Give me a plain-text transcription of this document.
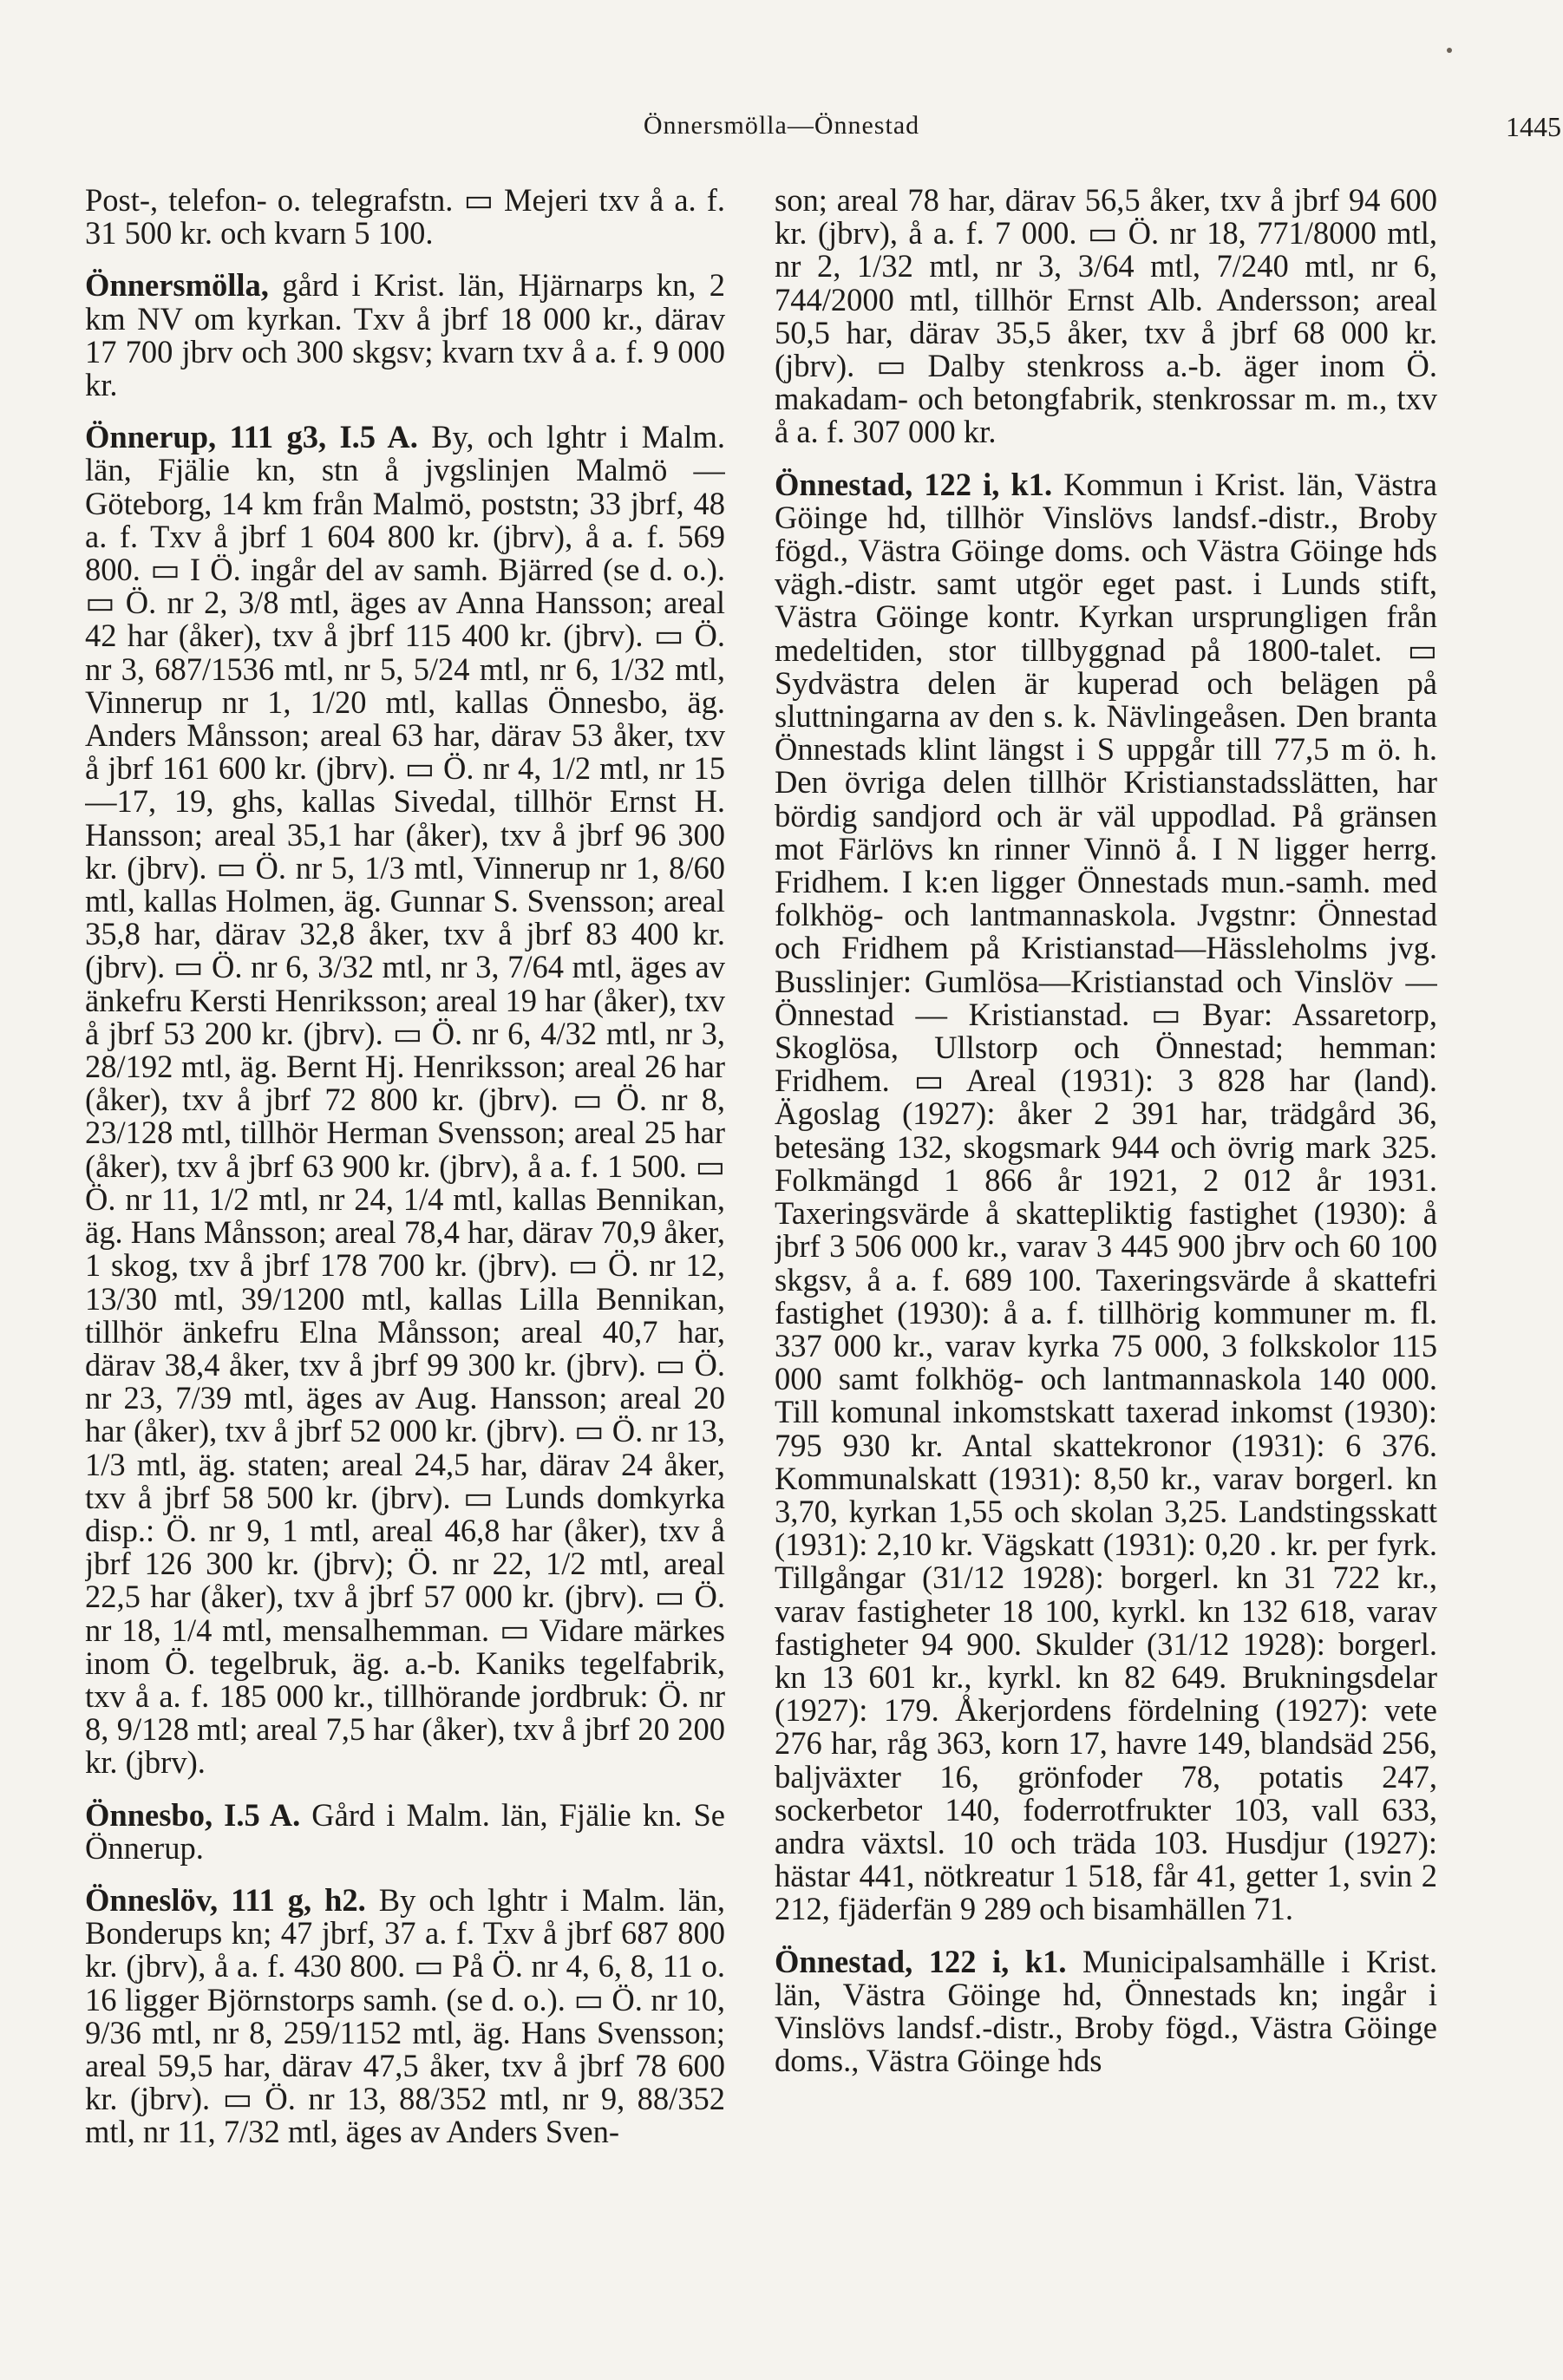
Önnersmölla—Önnestad	1445

Post-, telefon- o. telegrafstn. ▭ Mejeri txv å a. f. 31 500 kr. och kvarn 5 100.

Önnersmölla, gård i Krist. län, Hjärnarps kn, 2 km NV om kyrkan. Txv å jbrf 18 000 kr., därav 17 700 jbrv och 300 skgsv; kvarn txv å a. f. 9 000 kr.

Önnerup, 111 g3, I.5 A. By, och lghtr i Malm. län, Fjälie kn, stn å jvgslinjen Malmö — Göteborg, 14 km från Malmö, poststn; 33 jbrf, 48 a. f. Txv å jbrf 1 604 800 kr. (jbrv), å a. f. 569 800. ▭ I Ö. ingår del av samh. Bjärred (se d. o.). ▭ Ö. nr 2, 3/8 mtl, äges av Anna Hansson; areal 42 har (åker), txv å jbrf 115 400 kr. (jbrv). ▭ Ö. nr 3, 687/1536 mtl, nr 5, 5/24 mtl, nr 6, 1/32 mtl, Vinnerup nr 1, 1/20 mtl, kallas Önnesbo, äg. Anders Månsson; areal 63 har, därav 53 åker, txv å jbrf 161 600 kr. (jbrv). ▭ Ö. nr 4, 1/2 mtl, nr 15—17, 19, ghs, kallas Sivedal, tillhör Ernst H. Hansson; areal 35,1 har (åker), txv å jbrf 96 300 kr. (jbrv). ▭ Ö. nr 5, 1/3 mtl, Vinnerup nr 1, 8/60 mtl, kallas Holmen, äg. Gunnar S. Svensson; areal 35,8 har, därav 32,8 åker, txv å jbrf 83 400 kr. (jbrv). ▭ Ö. nr 6, 3/32 mtl, nr 3, 7/64 mtl, äges av änkefru Kersti Henriksson; areal 19 har (åker), txv å jbrf 53 200 kr. (jbrv). ▭ Ö. nr 6, 4/32 mtl, nr 3, 28/192 mtl, äg. Bernt Hj. Henriksson; areal 26 har (åker), txv å jbrf 72 800 kr. (jbrv). ▭ Ö. nr 8, 23/128 mtl, tillhör Herman Svensson; areal 25 har (åker), txv å jbrf 63 900 kr. (jbrv), å a. f. 1 500. ▭ Ö. nr 11, 1/2 mtl, nr 24, 1/4 mtl, kallas Bennikan, äg. Hans Månsson; areal 78,4 har, därav 70,9 åker, 1 skog, txv å jbrf 178 700 kr. (jbrv). ▭ Ö. nr 12, 13/30 mtl, 39/1200 mtl, kallas Lilla Bennikan, tillhör änkefru Elna Månsson; areal 40,7 har, därav 38,4 åker, txv å jbrf 99 300 kr. (jbrv). ▭ Ö. nr 23, 7/39 mtl, äges av Aug. Hansson; areal 20 har (åker), txv å jbrf 52 000 kr. (jbrv). ▭ Ö. nr 13, 1/3 mtl, äg. staten; areal 24,5 har, därav 24 åker, txv å jbrf 58 500 kr. (jbrv). ▭ Lunds domkyrka disp.: Ö. nr 9, 1 mtl, areal 46,8 har (åker), txv å jbrf 126 300 kr. (jbrv); Ö. nr 22, 1/2 mtl, areal 22,5 har (åker), txv å jbrf 57 000 kr. (jbrv). ▭ Ö. nr 18, 1/4 mtl, mensalhemman. ▭ Vidare märkes inom Ö. tegelbruk, äg. a.-b. Kaniks tegelfabrik, txv å a. f. 185 000 kr., tillhörande jordbruk: Ö. nr 8, 9/128 mtl; areal 7,5 har (åker), txv å jbrf 20 200 kr. (jbrv).

Önnesbo, I.5 A. Gård i Malm. län, Fjälie kn. Se Önnerup.

Önneslöv, 111 g, h2. By och lghtr i Malm. län, Bonderups kn; 47 jbrf, 37 a. f. Txv å jbrf 687 800 kr. (jbrv), å a. f. 430 800. ▭ På Ö. nr 4, 6, 8, 11 o. 16 ligger Björnstorps samh. (se d. o.). ▭ Ö. nr 10, 9/36 mtl, nr 8, 259/1152 mtl, äg. Hans Svensson; areal 59,5 har, därav 47,5 åker, txv å jbrf 78 600 kr. (jbrv). ▭ Ö. nr 13, 88/352 mtl, nr 9, 88/352 mtl, nr 11, 7/32 mtl, äges av Anders Sven-

son; areal 78 har, därav 56,5 åker, txv å jbrf 94 600 kr. (jbrv), å a. f. 7 000. ▭ Ö. nr 18, 771/8000 mtl, nr 2, 1/32 mtl, nr 3, 3/64 mtl, 7/240 mtl, nr 6, 744/2000 mtl, tillhör Ernst Alb. Andersson; areal 50,5 har, därav 35,5 åker, txv å jbrf 68 000 kr. (jbrv). ▭ Dalby stenkross a.-b. äger inom Ö. makadam- och betongfabrik, stenkrossar m. m., txv å a. f. 307 000 kr.

Önnestad, 122 i, k1. Kommun i Krist. län, Västra Göinge hd, tillhör Vinslövs landsf.-distr., Broby fögd., Västra Göinge doms. och Västra Göinge hds vägh.-distr. samt utgör eget past. i Lunds stift, Västra Göinge kontr. Kyrkan ursprungligen från medeltiden, stor tillbyggnad på 1800-talet. ▭ Sydvästra delen är kuperad och belägen på sluttningarna av den s. k. Nävlingeåsen. Den branta Önnestads klint längst i S uppgår till 77,5 m ö. h. Den övriga delen tillhör Kristianstadsslätten, har bördig sandjord och är väl uppodlad. På gränsen mot Färlövs kn rinner Vinnö å. I N ligger herrg. Fridhem. I k:en ligger Önnestads mun.-samh. med folkhög- och lantmannaskola. Jvgstnr: Önnestad och Fridhem på Kristianstad—Hässleholms jvg. Busslinjer: Gumlösa—Kristianstad och Vinslöv — Önnestad — Kristianstad. ▭ Byar: Assaretorp, Skoglösa, Ullstorp och Önnestad; hemman: Fridhem. ▭ Areal (1931): 3 828 har (land). Ägoslag (1927): åker 2 391 har, trädgård 36, betesäng 132, skogsmark 944 och övrig mark 325. Folkmängd 1 866 år 1921, 2 012 år 1931. Taxeringsvärde å skattepliktig fastighet (1930): å jbrf 3 506 000 kr., varav 3 445 900 jbrv och 60 100 skgsv, å a. f. 689 100. Taxeringsvärde å skattefri fastighet (1930): å a. f. tillhörig kommuner m. fl. 337 000 kr., varav kyrka 75 000, 3 folkskolor 115 000 samt folkhög- och lantmannaskola 140 000. Till komunal inkomstskatt taxerad inkomst (1930): 795 930 kr. Antal skattekronor (1931): 6 376. Kommunalskatt (1931): 8,50 kr., varav borgerl. kn 3,70, kyrkan 1,55 och skolan 3,25. Landstingsskatt (1931): 2,10 kr. Vägskatt (1931): 0,20 . kr. per fyrk. Tillgångar (31/12 1928): borgerl. kn 31 722 kr., varav fastigheter 18 100, kyrkl. kn 132 618, varav fastigheter 94 900. Skulder (31/12 1928): borgerl. kn 13 601 kr., kyrkl. kn 82 649. Brukningsdelar (1927): 179. Åkerjordens fördelning (1927): vete 276 har, råg 363, korn 17, havre 149, blandsäd 256, baljväxter 16, grönfoder 78, potatis 247, sockerbetor 140, foderrotfrukter 103, vall 633, andra växtsl. 10 och träda 103. Husdjur (1927): hästar 441, nötkreatur 1 518, får 41, getter 1, svin 2 212, fjäderfän 9 289 och bisamhällen 71.

Önnestad, 122 i, k1. Municipalsamhälle i Krist. län, Västra Göinge hd, Önnestads kn; ingår i Vinslövs landsf.-distr., Broby fögd., Västra Göinge doms., Västra Göinge hds
